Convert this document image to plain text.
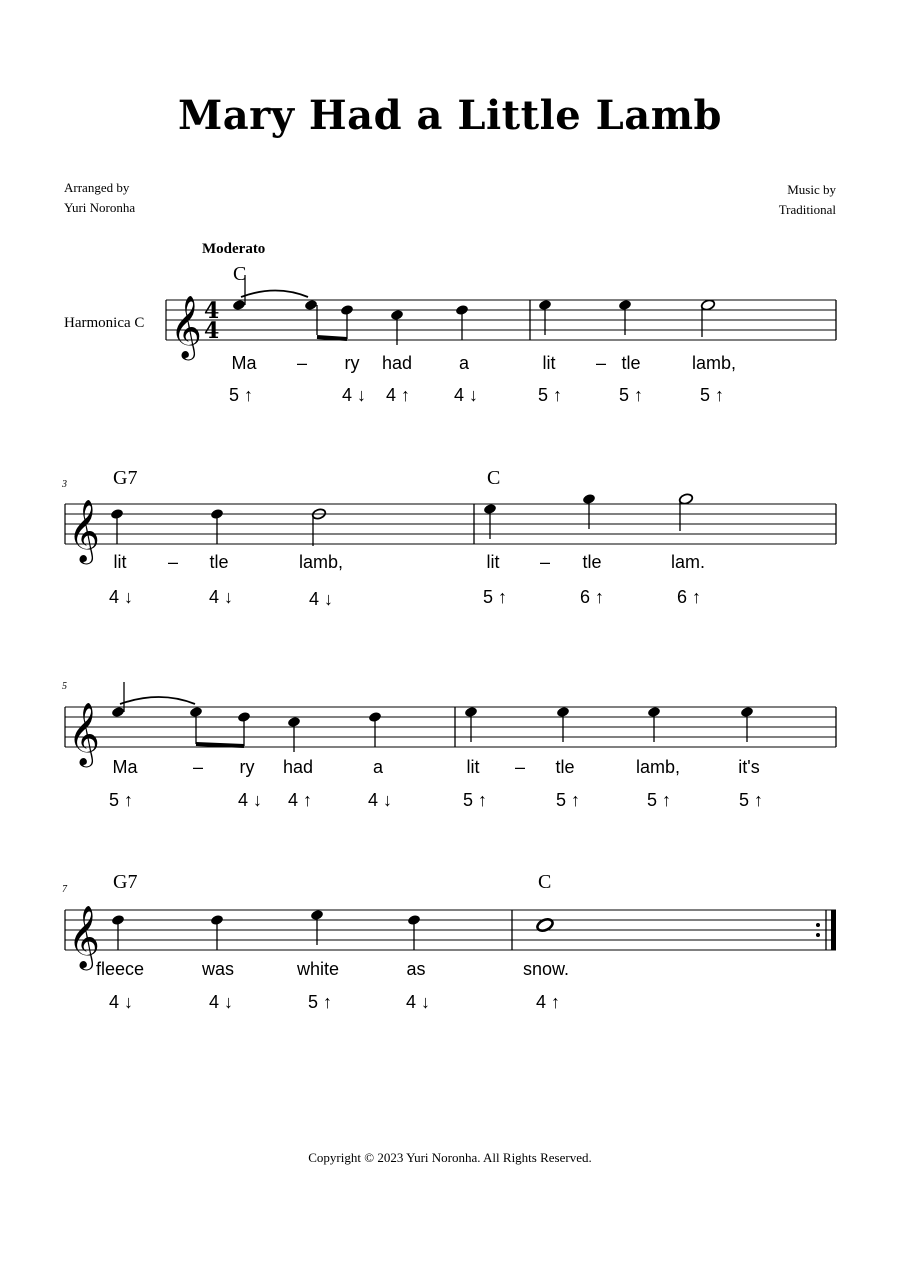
Mary Had a Little Lamb
Arranged by
Yuri Noronha
Music by
Traditional
Moderato
Harmonica C 𝄞 4
4
C
Ma – ry had	a	lit – tle	lamb,
5 ↑	4 ↓ 4 ↑ 4 ↓	5 ↑	5 ↑	5 ↑
3
𝄞
G7	C
lit – tle	lamb,	lit – tle	lam.
4 ↓	4 ↓	4 ↓	5 ↑	6 ↑	6 ↑
5
𝄞
Ma	– ry had	a	lit – tle	lamb,	it's
5 ↑	4 ↓ 4 ↑	4 ↓	5 ↑	5 ↑	5 ↑	5 ↑
7
𝄞
G7	C
fleece	was	white	as	snow.
4 ↓	4 ↓	5 ↑	4 ↓	4 ↑
Copyright © 2023 Yuri Noronha. All Rights Reserved.
